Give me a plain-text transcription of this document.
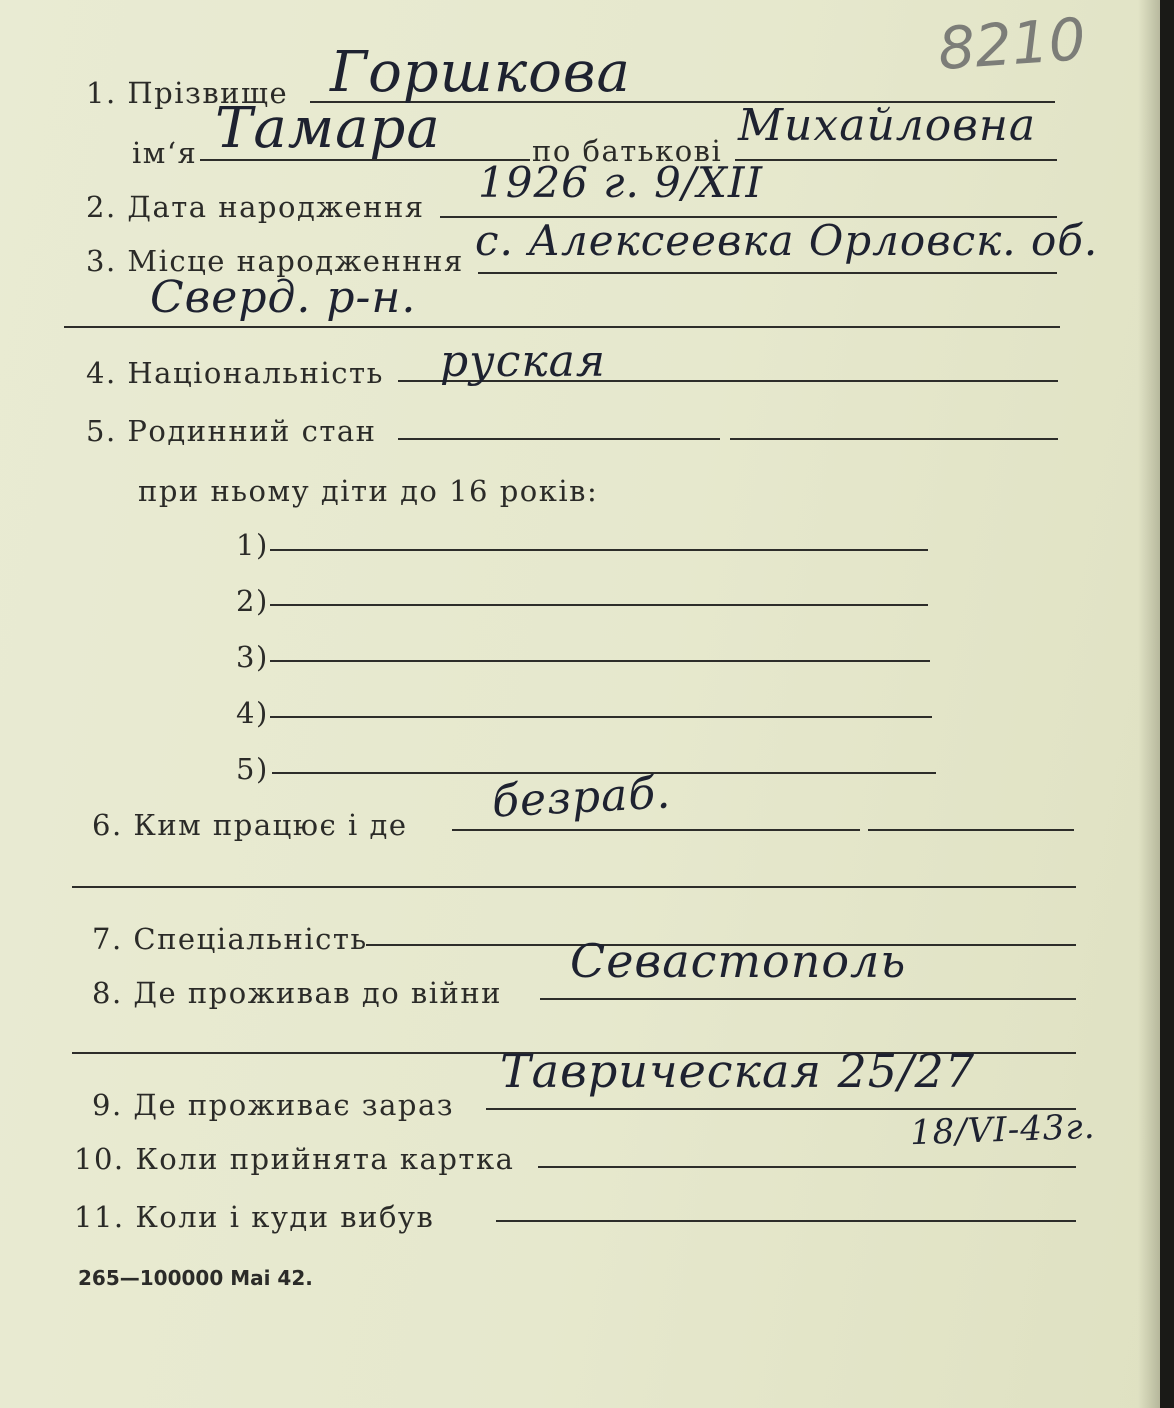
8210
1. Прізвище Горшкова
ім‘я Тамара	по батькові Михайловна
2. Дата народження 1926 г. 9/XII
3. Місце народженння с. Алексеевка Орловск. об.
Сверд. р-н.
4. Національність руская
5. Родинний стан
при ньому діти до 16 років:
1)
2)
3)
4)
5)
6. Ким працює і де безраб.
7. Спеціальність
8. Де проживав до війни
Севастополь
9. Де проживає зараз
Таврическая 25/27
10. Коли прийнята картка
18/VI-43г.
11. Коли і куди вибув
265—100000 Mai 42.
